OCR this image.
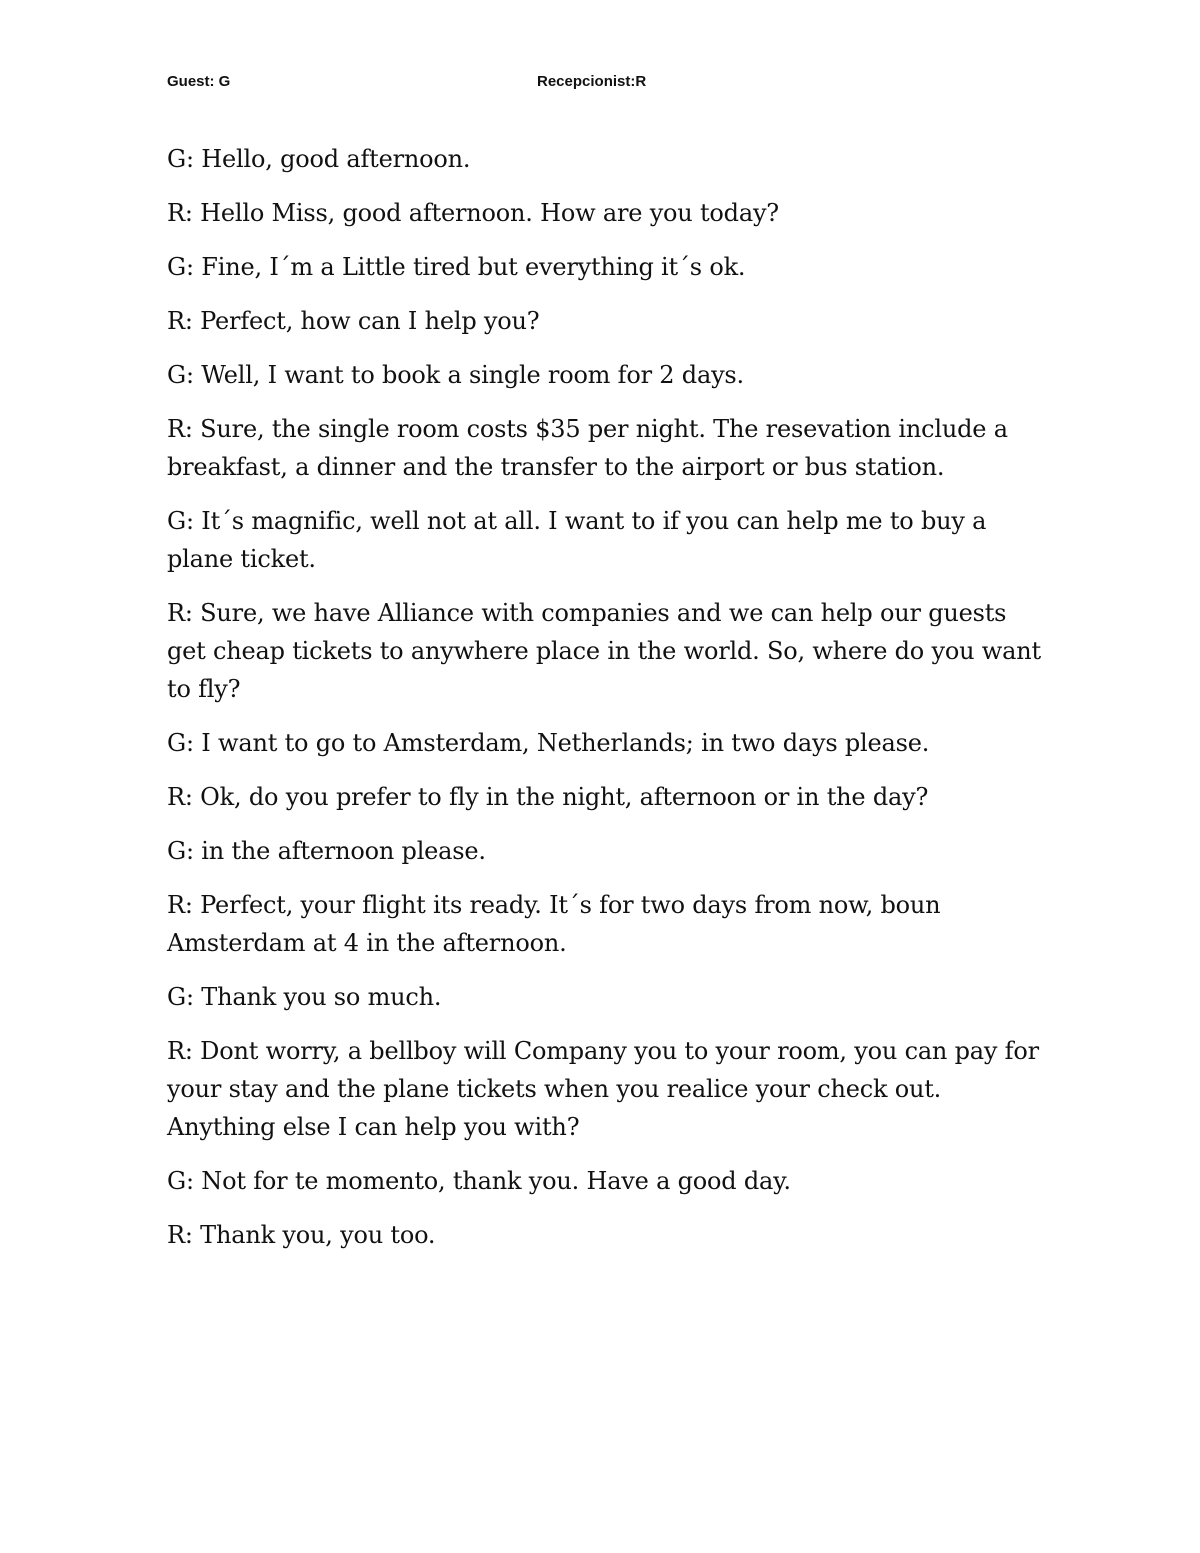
Guest: G	Recepcionist:R

G: Hello, good afternoon.

R: Hello Miss, good afternoon. How are you today?

G: Fine, I´m a Little tired but everything it´s ok.

R: Perfect, how can I help you?

G: Well, I want to book a single room for 2 days.

R: Sure, the single room costs $35 per night. The resevation include a breakfast, a dinner and the transfer to the airport or bus station.

G: It´s magnific, well not at all. I want to if you can help me to buy a plane ticket.

R: Sure, we have Alliance with companies and we can help our guests get cheap tickets to anywhere place in the world. So, where do you want to fly?

G: I want to go to Amsterdam, Netherlands; in two days please.

R: Ok, do you prefer to fly in the night, afternoon or in the day?

G: in the afternoon please.

R: Perfect, your flight its ready. It´s for two days from now, boun Amsterdam at 4 in the afternoon.

G: Thank you so much.

R: Dont worry, a bellboy will Company you to your room, you can pay for your stay and the plane tickets when you realice your check out. Anything else I can help you with?

G: Not for te momento, thank you. Have a good day.

R: Thank you, you too.
